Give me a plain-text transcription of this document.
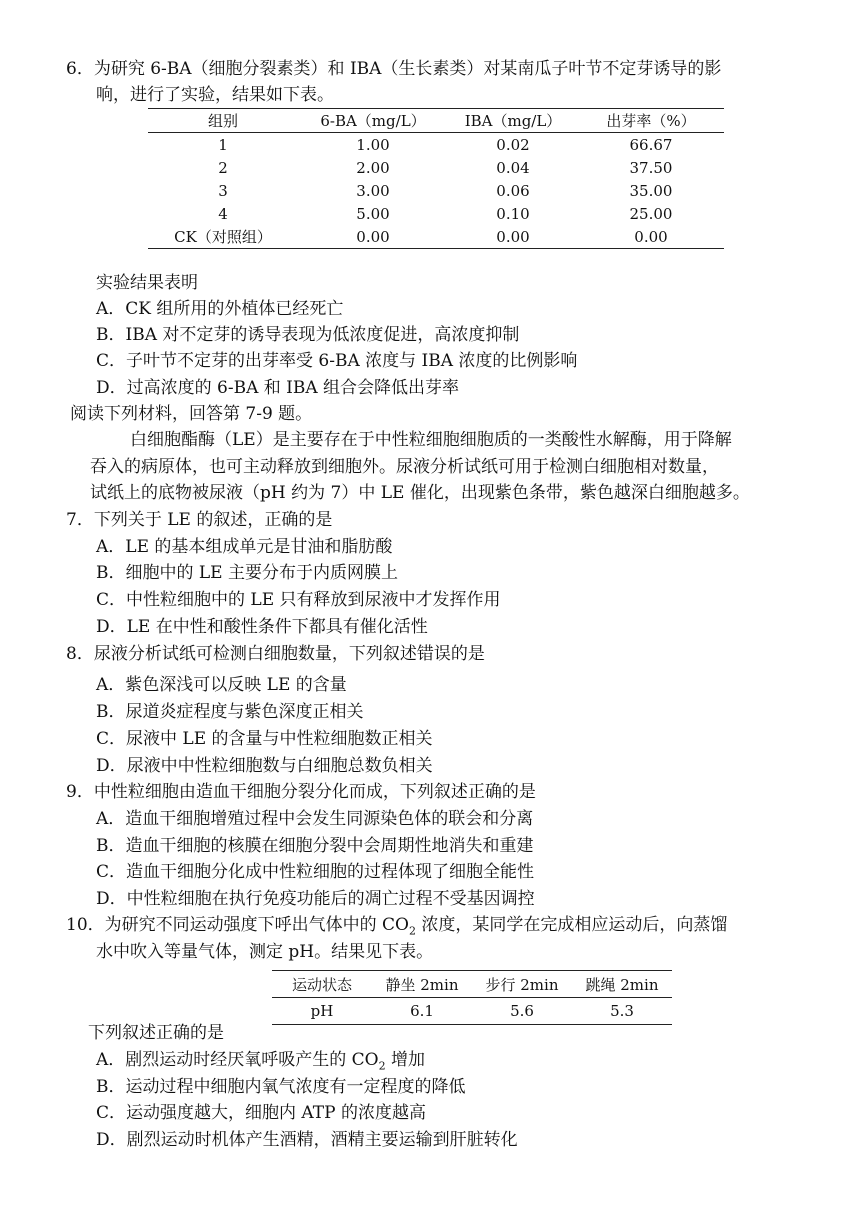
6．为研究 6-BA（细胞分裂素类）和 IBA（生长素类）对某南瓜子叶节不定芽诱导的影
响，进行了实验，结果如下表。
组别	6-BA（mg/L）	IBA（mg/L）	出芽率（%）
1	1.00	0.02	66.67
2	2.00	0.04	37.50
3	3.00	0.06	35.00
4	5.00	0.10	25.00
CK（对照组）	0.00	0.00	0.00
实验结果表明
A．CK 组所用的外植体已经死亡
B．IBA 对不定芽的诱导表现为低浓度促进，高浓度抑制
C．子叶节不定芽的出芽率受 6-BA 浓度与 IBA 浓度的比例影响
D．过高浓度的 6-BA 和 IBA 组合会降低出芽率
阅读下列材料，回答第 7-9 题。
白细胞酯酶（LE）是主要存在于中性粒细胞细胞质的一类酸性水解酶，用于降解
吞入的病原体，也可主动释放到细胞外。尿液分析试纸可用于检测白细胞相对数量，
试纸上的底物被尿液（pH 约为 7）中 LE 催化，出现紫色条带，紫色越深白细胞越多。
7．下列关于 LE 的叙述，正确的是
A．LE 的基本组成单元是甘油和脂肪酸
B．细胞中的 LE 主要分布于内质网膜上
C．中性粒细胞中的 LE 只有释放到尿液中才发挥作用
D．LE 在中性和酸性条件下都具有催化活性
8．尿液分析试纸可检测白细胞数量，下列叙述错误的是
A．紫色深浅可以反映 LE 的含量
B．尿道炎症程度与紫色深度正相关
C．尿液中 LE 的含量与中性粒细胞数正相关
D．尿液中中性粒细胞数与白细胞总数负相关
9．中性粒细胞由造血干细胞分裂分化而成，下列叙述正确的是
A．造血干细胞增殖过程中会发生同源染色体的联会和分离
B．造血干细胞的核膜在细胞分裂中会周期性地消失和重建
C．造血干细胞分化成中性粒细胞的过程体现了细胞全能性
D．中性粒细胞在执行免疫功能后的凋亡过程不受基因调控
10．为研究不同运动强度下呼出气体中的 $CO_2$ 浓度，某同学在完成相应运动后，向蒸馏
水中吹入等量气体，测定 pH。结果见下表。
运动状态	静坐 2min	步行 2min	跳绳 2min
pH	6.1	5.6	5.3
下列叙述正确的是
A．剧烈运动时经厌氧呼吸产生的 $CO_2$ 增加
B．运动过程中细胞内氧气浓度有一定程度的降低
C．运动强度越大，细胞内 ATP 的浓度越高
D．剧烈运动时机体产生酒精，酒精主要运输到肝脏转化
